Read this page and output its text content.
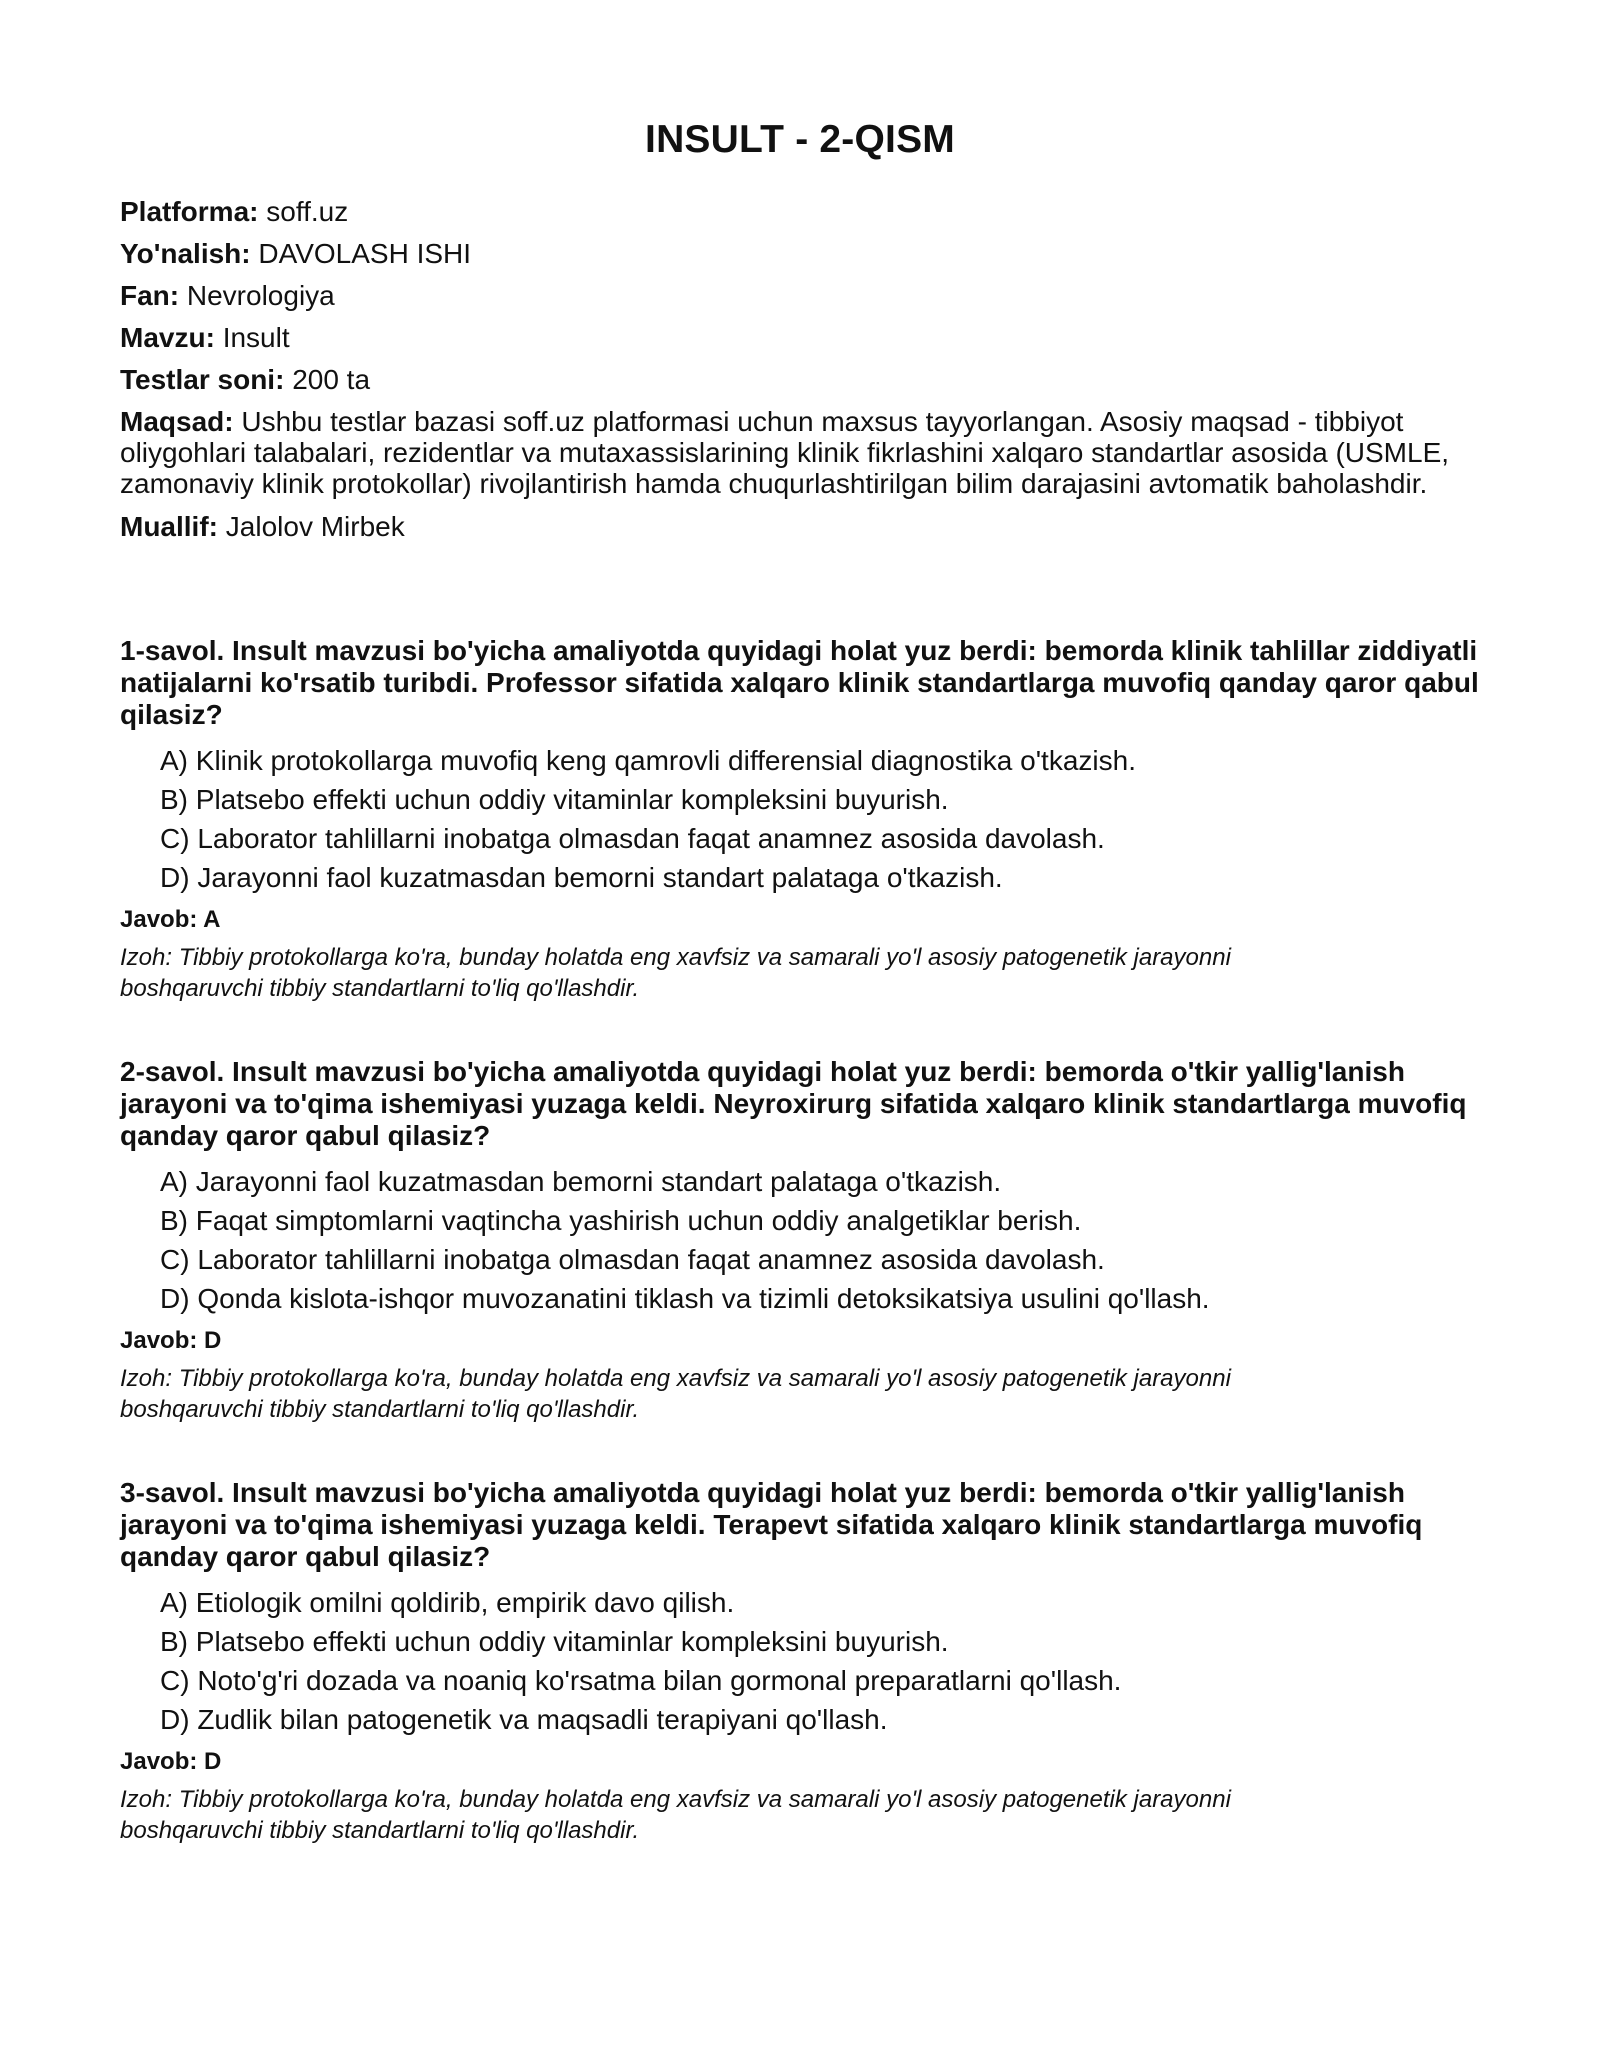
INSULT - 2-QISM

Platforma: soff.uz

Yo'nalish: DAVOLASH ISHI

Fan: Nevrologiya

Mavzu: Insult

Testlar soni: 200 ta

Maqsad: Ushbu testlar bazasi soff.uz platformasi uchun maxsus tayyorlangan. Asosiy maqsad - tibbiyot oliygohlari talabalari, rezidentlar va mutaxassislarining klinik fikrlashini xalqaro standartlar asosida (USMLE, zamonaviy klinik protokollar) rivojlantirish hamda chuqurlashtirilgan bilim darajasini avtomatik baholashdir.

Muallif: Jalolov Mirbek

1-savol. Insult mavzusi bo'yicha amaliyotda quyidagi holat yuz berdi: bemorda klinik tahlillar ziddiyatli natijalarni ko'rsatib turibdi. Professor sifatida xalqaro klinik standartlarga muvofiq qanday qaror qabul qilasiz?

A) Klinik protokollarga muvofiq keng qamrovli differensial diagnostika o'tkazish.
B) Platsebo effekti uchun oddiy vitaminlar kompleksini buyurish.
C) Laborator tahlillarni inobatga olmasdan faqat anamnez asosida davolash.
D) Jarayonni faol kuzatmasdan bemorni standart palataga o'tkazish.

Javob: A

Izoh: Tibbiy protokollarga ko'ra, bunday holatda eng xavfsiz va samarali yo'l asosiy patogenetik jarayonni boshqaruvchi tibbiy standartlarni to'liq qo'llashdir.

2-savol. Insult mavzusi bo'yicha amaliyotda quyidagi holat yuz berdi: bemorda o'tkir yallig'lanish jarayoni va to'qima ishemiyasi yuzaga keldi. Neyroxirurg sifatida xalqaro klinik standartlarga muvofiq qanday qaror qabul qilasiz?

A) Jarayonni faol kuzatmasdan bemorni standart palataga o'tkazish.
B) Faqat simptomlarni vaqtincha yashirish uchun oddiy analgetiklar berish.
C) Laborator tahlillarni inobatga olmasdan faqat anamnez asosida davolash.
D) Qonda kislota-ishqor muvozanatini tiklash va tizimli detoksikatsiya usulini qo'llash.

Javob: D

Izoh: Tibbiy protokollarga ko'ra, bunday holatda eng xavfsiz va samarali yo'l asosiy patogenetik jarayonni boshqaruvchi tibbiy standartlarni to'liq qo'llashdir.

3-savol. Insult mavzusi bo'yicha amaliyotda quyidagi holat yuz berdi: bemorda o'tkir yallig'lanish jarayoni va to'qima ishemiyasi yuzaga keldi. Terapevt sifatida xalqaro klinik standartlarga muvofiq qanday qaror qabul qilasiz?

A) Etiologik omilni qoldirib, empirik davo qilish.
B) Platsebo effekti uchun oddiy vitaminlar kompleksini buyurish.
C) Noto'g'ri dozada va noaniq ko'rsatma bilan gormonal preparatlarni qo'llash.
D) Zudlik bilan patogenetik va maqsadli terapiyani qo'llash.

Javob: D

Izoh: Tibbiy protokollarga ko'ra, bunday holatda eng xavfsiz va samarali yo'l asosiy patogenetik jarayonni boshqaruvchi tibbiy standartlarni to'liq qo'llashdir.
